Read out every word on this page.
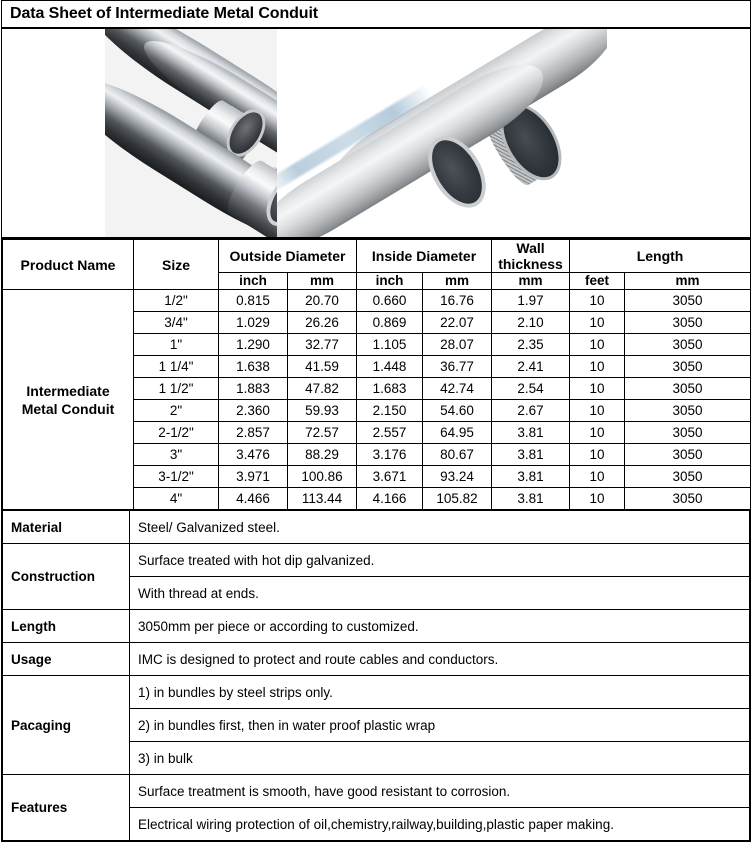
Data Sheet of Intermediate Metal Conduit
Product Name	Size	Outside Diameter		Inside Diameter		Wall
thickness	Length	
		inch	mm	inch	mm	mm	feet	mm
Intermediate
Metal Conduit	1/2"	0.815	20.70	0.660	16.76	1.97	10	3050
	3/4"	1.029	26.26	0.869	22.07	2.10	10	3050
	1"	1.290	32.77	1.105	28.07	2.35	10	3050
	1 1/4"	1.638	41.59	1.448	36.77	2.41	10	3050
	1 1/2"	1.883	47.82	1.683	42.74	2.54	10	3050
	2"	2.360	59.93	2.150	54.60	2.67	10	3050
	2-1/2"	2.857	72.57	2.557	64.95	3.81	10	3050
	3"	3.476	88.29	3.176	80.67	3.81	10	3050
	3-1/2"	3.971	100.86	3.671	93.24	3.81	10	3050
	4"	4.466	113.44	4.166	105.82	3.81	10	3050
Material	Steel/ Galvanized steel.
Construction	Surface treated with hot dip galvanized.
	With thread at ends.
Length	3050mm per piece or according to customized.
Usage	IMC is designed to protect and route cables and conductors.
Pacaging	1) in bundles by steel strips only.
	2) in bundles first, then in water proof plastic wrap
	3) in bulk
Features	Surface treatment is smooth, have good resistant to corrosion.
	Electrical wiring protection of oil,chemistry,railway,building,plastic paper making.
